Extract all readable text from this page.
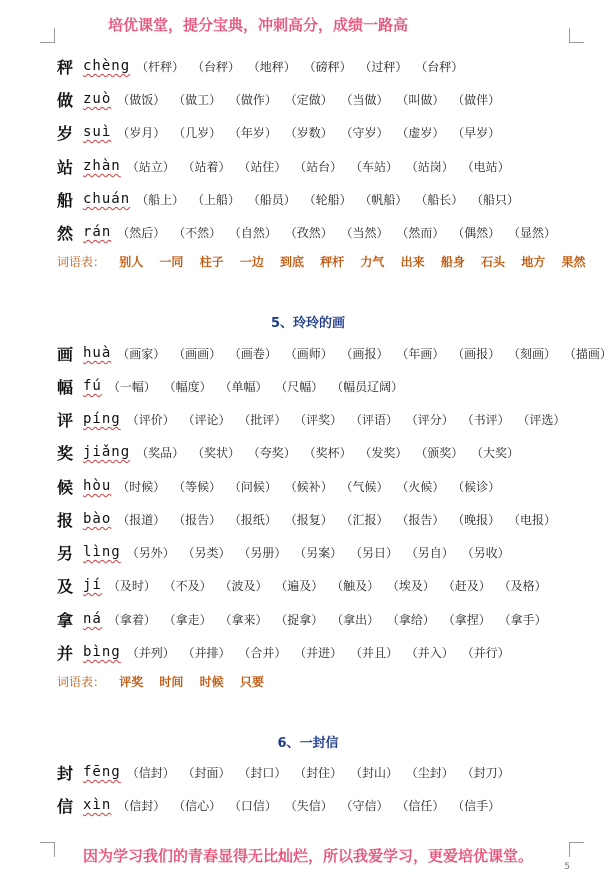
培优课堂，提分宝典，冲刺高分，成绩一路高
秤 chèng （杆秤） （台秤） （地秤） （磅秤） （过秤） （台秤）
做 zuò （做饭） （做工） （做作） （定做） （当做） （叫做） （做伴）
岁 suì （岁月） （几岁） （年岁） （岁数） （守岁） （虚岁） （早岁）
站 zhàn （站立） （站着） （站住） （站台） （车站） （站岗） （电站）
船 chuán （船上） （上船） （船员） （轮船） （帆船） （船长） （船只）
然 rán （然后） （不然） （自然） （孜然） （当然） （然而） （偶然） （显然）
词语表： 别人 一同 柱子 一边 到底 秤杆 力气 出来 船身 石头 地方 果然
5、玲玲的画
画 huà （画家） （画画） （画卷） （画师） （画报） （年画） （画报） （刻画） （描画）
幅 fú （一幅） （幅度） （单幅） （尺幅） （幅员辽阔）
评 píng （评价） （评论） （批评） （评奖） （评语） （评分） （书评） （评选）
奖 jiǎng （奖品） （奖状） （夸奖） （奖杯） （发奖） （颁奖） （大奖）
候 hòu （时候） （等候） （问候） （候补） （气候） （火候） （候诊）
报 bào （报道） （报告） （报纸） （报复） （汇报） （报告） （晚报） （电报）
另 lìng （另外） （另类） （另册） （另案） （另日） （另自） （另收）
及 jí （及时） （不及） （波及） （遍及） （触及） （埃及） （赶及） （及格）
拿 ná （拿着） （拿走） （拿来） （捉拿） （拿出） （拿给） （拿捏） （拿手）
并 bìng （并列） （并排） （合并） （并进） （并且） （并入） （并行）
词语表： 评奖 时间 时候 只要
6、一封信
封 fēng （信封） （封面） （封口） （封住） （封山） （尘封） （封刀）
信 xìn （信封） （信心） （口信） （失信） （守信） （信任） （信手）
因为学习我们的青春显得无比灿烂，所以我爱学习，更爱培优课堂。
5
